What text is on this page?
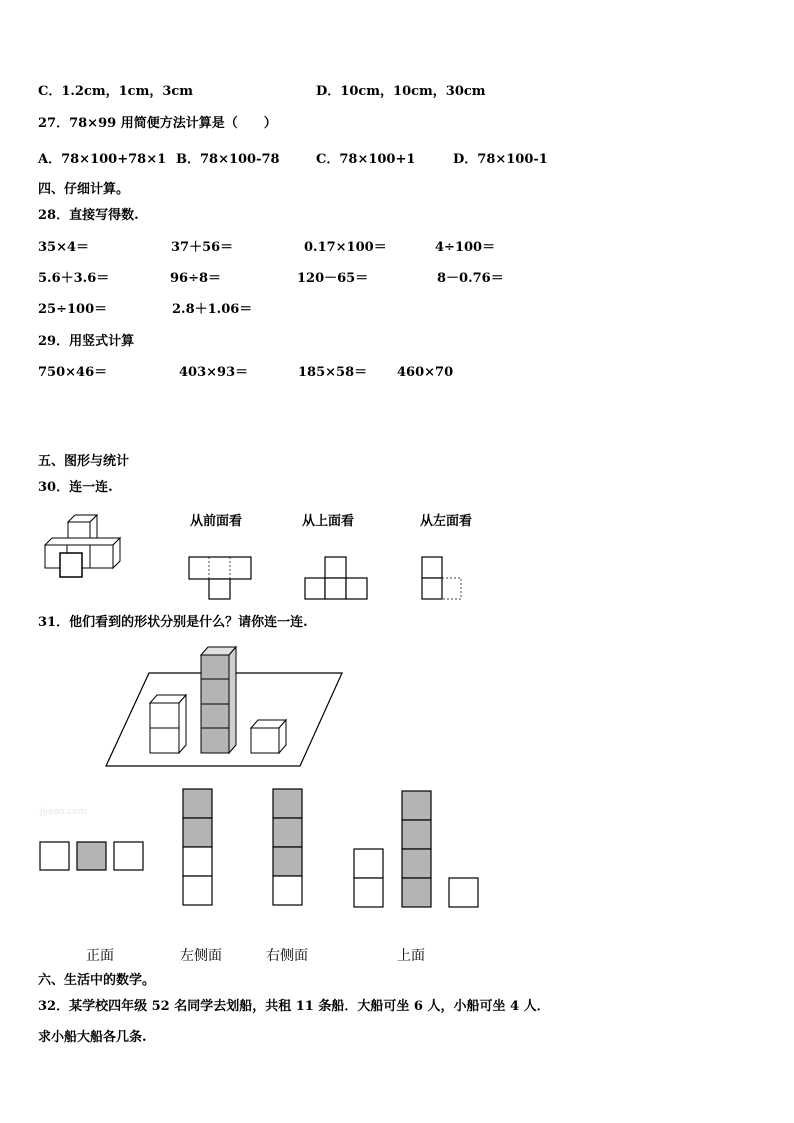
C．1.2cm，1cm，3cm	D．10cm，10cm，30cm
27．78×99 用简便方法计算是（　　）
A．78×100+78×1 B．78×100-78	C．78×100+1	D．78×100-1
四、仔细计算。
28．直接写得数.
35×4＝	37＋56＝	0.17×100＝	4÷100＝
5.6＋3.6＝	96÷8＝	120－65＝	8－0.76＝
25÷100＝	2.8＋1.06＝
29．用竖式计算
750×46＝	403×93＝	185×58＝ 460×70
五、图形与统计
30．连一连.
从前面看	从上面看	从左面看
31．他们看到的形状分别是什么？请你连一连.
Jyeoo.com
正面	左侧面	右侧面	上面
六、生活中的数学。
32．某学校四年级 52 名同学去划船，共租 11 条船．大船可坐 6 人，小船可坐 4 人．
求小船大船各几条.
